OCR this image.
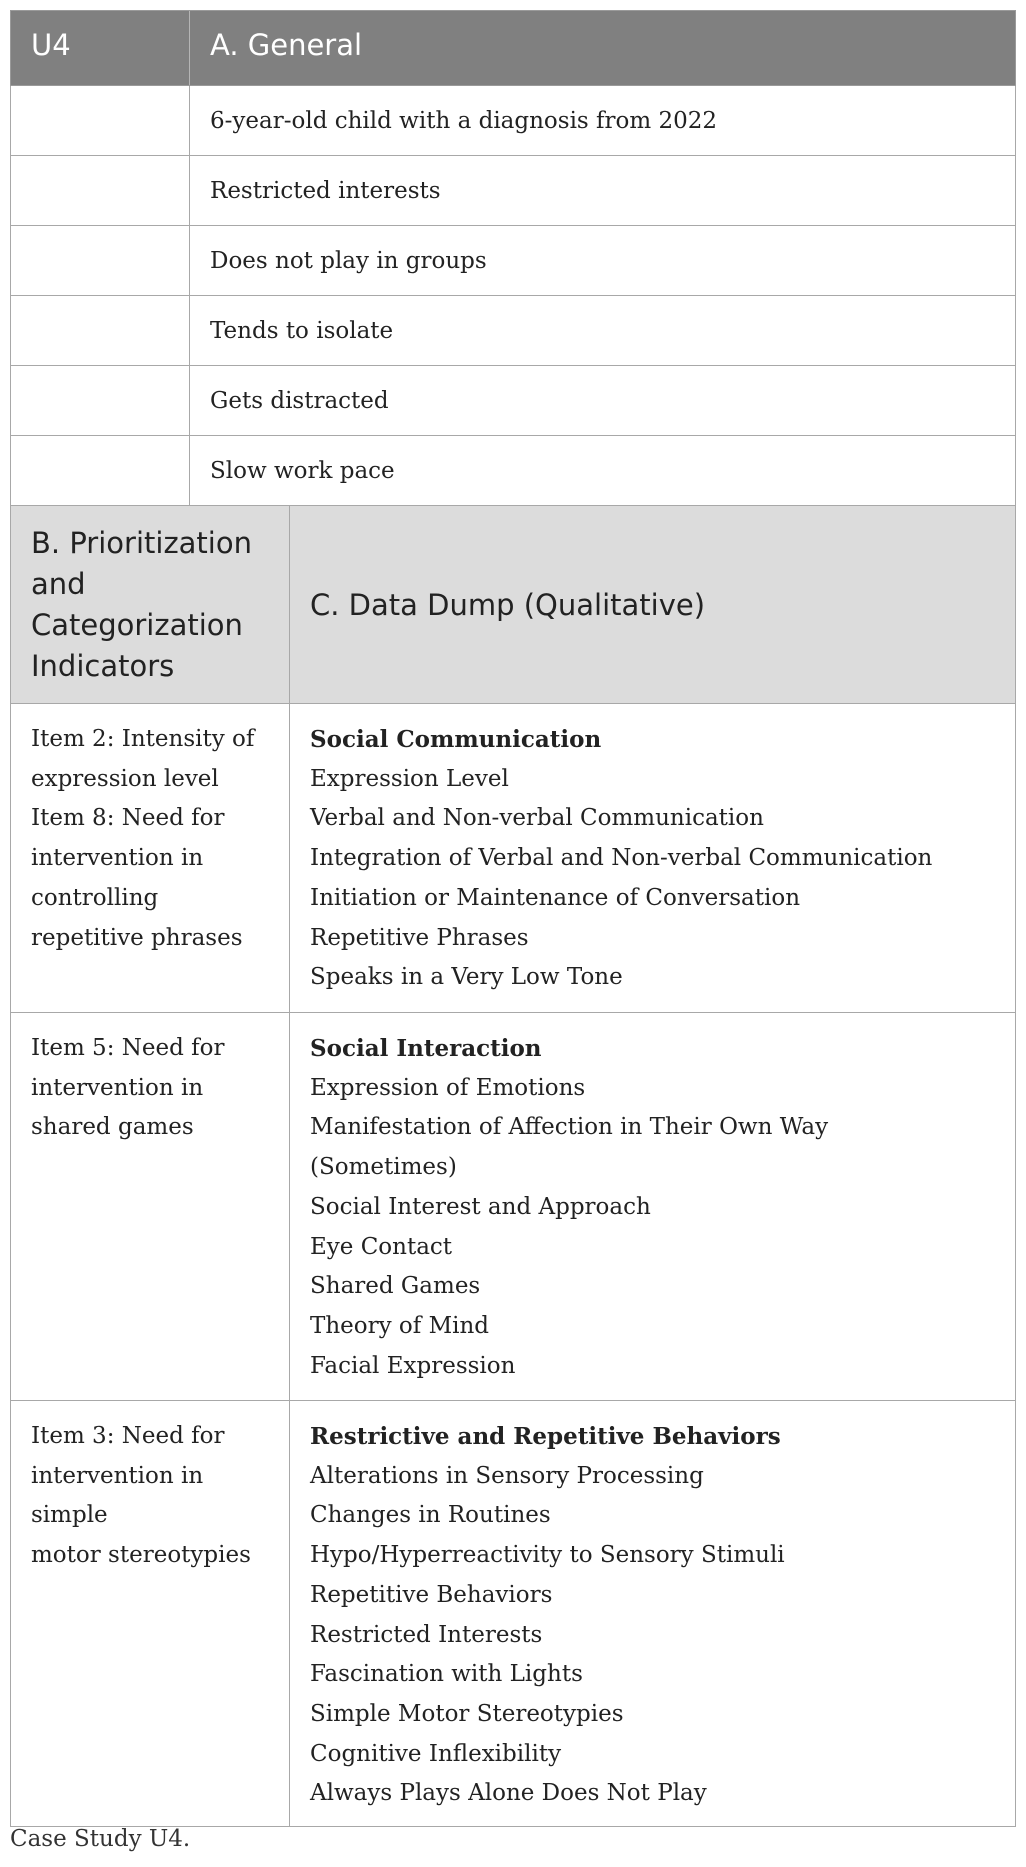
U4	A. General
6-year-old child with a diagnosis from 2022
Restricted interests
Does not play in groups
Tends to isolate
Gets distracted
Slow work pace
B. Prioritization
and
Categorization
Indicators
C. Data Dump (Qualitative)
Item 2: Intensity of
expression level
Item 8: Need for
intervention in
controlling
repetitive phrases
Social Communication
Expression Level
Verbal and Non-verbal Communication
Integration of Verbal and Non-verbal Communication
Initiation or Maintenance of Conversation
Repetitive Phrases
Speaks in a Very Low Tone
Item 5: Need for
intervention in
shared games
Social Interaction
Expression of Emotions
Manifestation of Affection in Their Own Way
(Sometimes)
Social Interest and Approach
Eye Contact
Shared Games
Theory of Mind
Facial Expression
Item 3: Need for
intervention in
simple
motor stereotypies
Restrictive and Repetitive Behaviors
Alterations in Sensory Processing
Changes in Routines
Hypo/Hyperreactivity to Sensory Stimuli
Repetitive Behaviors
Restricted Interests
Fascination with Lights
Simple Motor Stereotypies
Cognitive Inflexibility
Always Plays Alone Does Not Play
Case Study U4.
